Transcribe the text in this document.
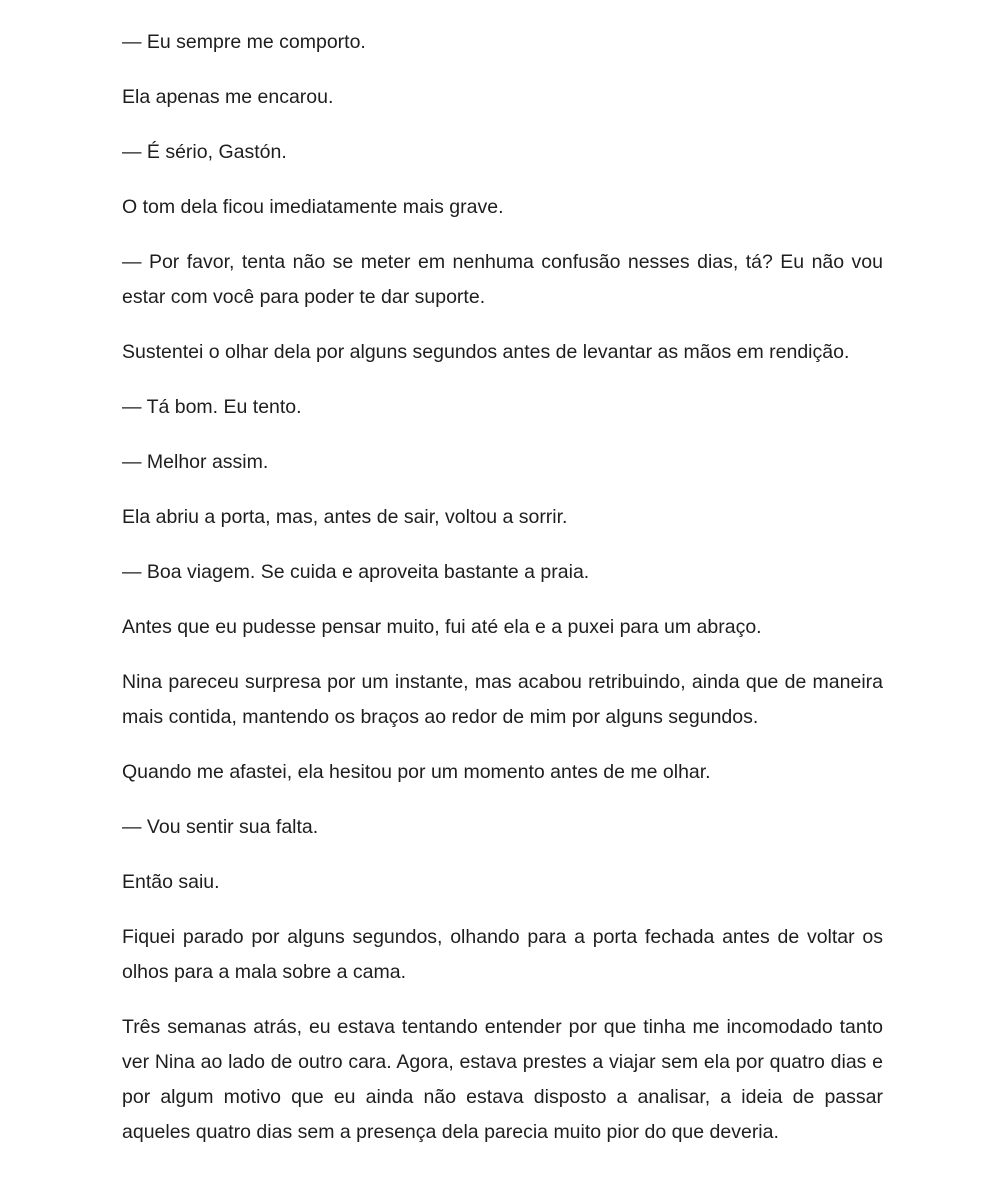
— Eu sempre me comporto.

Ela apenas me encarou.

— É sério, Gastón.

O tom dela ficou imediatamente mais grave.

— Por favor, tenta não se meter em nenhuma confusão nesses dias, tá? Eu não vou estar com você para poder te dar suporte.

Sustentei o olhar dela por alguns segundos antes de levantar as mãos em rendição.

— Tá bom. Eu tento.

— Melhor assim.

Ela abriu a porta, mas, antes de sair, voltou a sorrir.

— Boa viagem. Se cuida e aproveita bastante a praia.

Antes que eu pudesse pensar muito, fui até ela e a puxei para um abraço.

Nina pareceu surpresa por um instante, mas acabou retribuindo, ainda que de maneira mais contida, mantendo os braços ao redor de mim por alguns segundos.

Quando me afastei, ela hesitou por um momento antes de me olhar.

— Vou sentir sua falta.

Então saiu.

Fiquei parado por alguns segundos, olhando para a porta fechada antes de voltar os olhos para a mala sobre a cama.

Três semanas atrás, eu estava tentando entender por que tinha me incomodado tanto ver Nina ao lado de outro cara. Agora, estava prestes a viajar sem ela por quatro dias e por algum motivo que eu ainda não estava disposto a analisar, a ideia de passar aqueles quatro dias sem a presença dela parecia muito pior do que deveria.
